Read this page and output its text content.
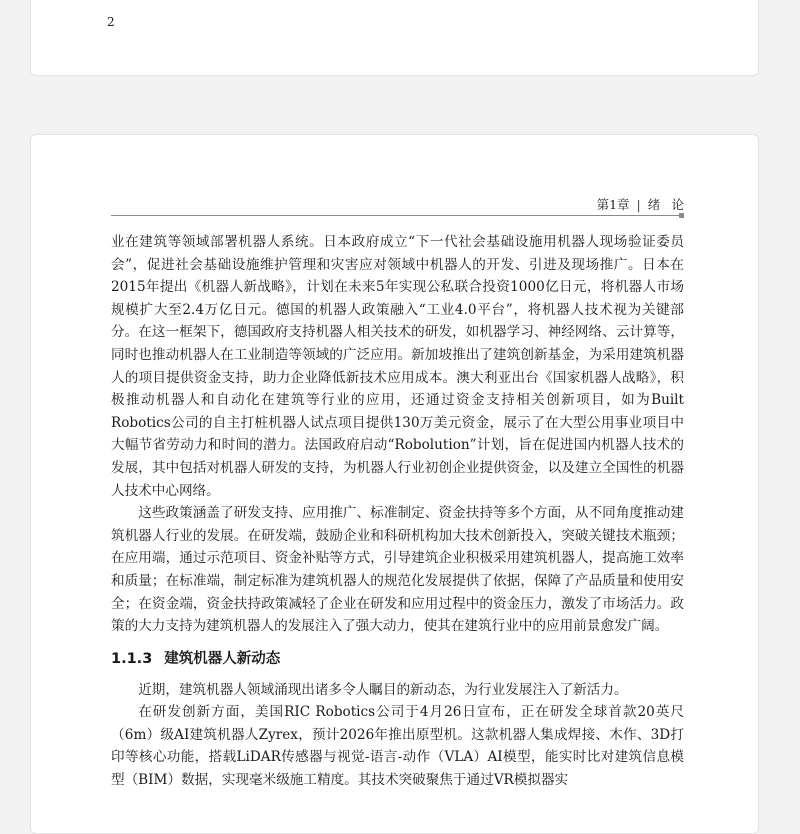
2

第1章 | 绪论

业在建筑等领域部署机器人系统。日本政府成立“下一代社会基础设施用机器人现场验证委员会”，促进社会基础设施维护管理和灾害应对领域中机器人的开发、引进及现场推广。日本在2015年提出《机器人新战略》，计划在未来5年实现公私联合投资1000亿日元，将机器人市场规模扩大至2.4万亿日元。德国的机器人政策融入“工业4.0平台”，将机器人技术视为关键部分。在这一框架下，德国政府支持机器人相关技术的研发，如机器学习、神经网络、云计算等，同时也推动机器人在工业制造等领域的广泛应用。新加坡推出了建筑创新基金，为采用建筑机器人的项目提供资金支持，助力企业降低新技术应用成本。澳大利亚出台《国家机器人战略》，积极推动机器人和自动化在建筑等行业的应用，还通过资金支持相关创新项目，如为Built Robotics公司的自主打桩机器人试点项目提供130万美元资金，展示了在大型公用事业项目中大幅节省劳动力和时间的潜力。法国政府启动“Robolution”计划，旨在促进国内机器人技术的发展，其中包括对机器人研发的支持，为机器人行业初创企业提供资金，以及建立全国性的机器人技术中心网络。

这些政策涵盖了研发支持、应用推广、标准制定、资金扶持等多个方面，从不同角度推动建筑机器人行业的发展。在研发端，鼓励企业和科研机构加大技术创新投入，突破关键技术瓶颈；在应用端，通过示范项目、资金补贴等方式，引导建筑企业积极采用建筑机器人，提高施工效率和质量；在标准端，制定标准为建筑机器人的规范化发展提供了依据，保障了产品质量和使用安全；在资金端，资金扶持政策减轻了企业在研发和应用过程中的资金压力，激发了市场活力。政策的大力支持为建筑机器人的发展注入了强大动力，使其在建筑行业中的应用前景愈发广阔。

1.1.3 建筑机器人新动态

近期，建筑机器人领域涌现出诸多令人瞩目的新动态，为行业发展注入了新活力。

在研发创新方面，美国RIC Robotics公司于4月26日宣布，正在研发全球首款20英尺（6m）级AI建筑机器人Zyrex，预计2026年推出原型机。这款机器人集成焊接、木作、3D打印等核心功能，搭载LiDAR传感器与视觉-语言-动作（VLA）AI模型，能实时比对建筑信息模型（BIM）数据，实现毫米级施工精度。其技术突破聚焦于通过VR模拟器实
